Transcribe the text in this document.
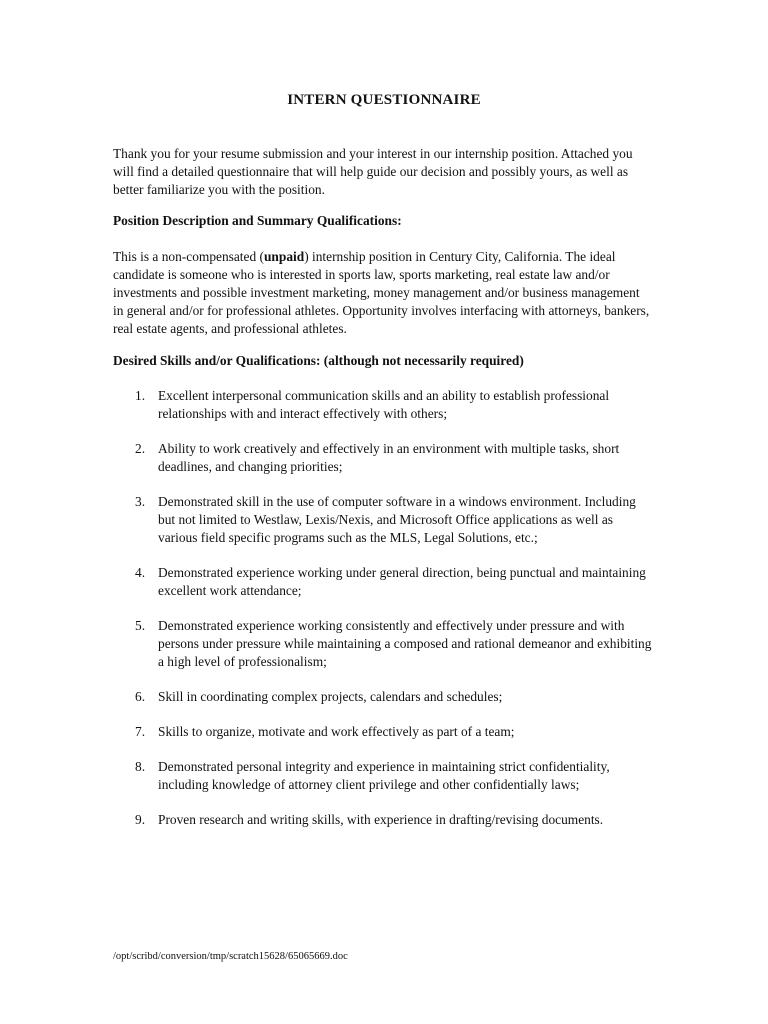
INTERN QUESTIONNAIRE
Thank you for your resume submission and your interest in our internship position. Attached you will find a detailed questionnaire that will help guide our decision and possibly yours, as well as better familiarize you with the position.
Position Description and Summary Qualifications:
This is a non-compensated (unpaid) internship position in Century City, California. The ideal candidate is someone who is interested in sports law, sports marketing, real estate law and/or investments and possible investment marketing, money management and/or business management in general and/or for professional athletes. Opportunity involves interfacing with attorneys, bankers, real estate agents, and professional athletes.
Desired Skills and/or Qualifications: (although not necessarily required)
1. Excellent interpersonal communication skills and an ability to establish professional relationships with and interact effectively with others;
2. Ability to work creatively and effectively in an environment with multiple tasks, short deadlines, and changing priorities;
3. Demonstrated skill in the use of computer software in a windows environment. Including but not limited to Westlaw, Lexis/Nexis, and Microsoft Office applications as well as various field specific programs such as the MLS, Legal Solutions, etc.;
4. Demonstrated experience working under general direction, being punctual and maintaining excellent work attendance;
5. Demonstrated experience working consistently and effectively under pressure and with persons under pressure while maintaining a composed and rational demeanor and exhibiting a high level of professionalism;
6. Skill in coordinating complex projects, calendars and schedules;
7. Skills to organize, motivate and work effectively as part of a team;
8. Demonstrated personal integrity and experience in maintaining strict confidentiality, including knowledge of attorney client privilege and other confidentially laws;
9. Proven research and writing skills, with experience in drafting/revising documents.
/opt/scribd/conversion/tmp/scratch15628/65065669.doc
